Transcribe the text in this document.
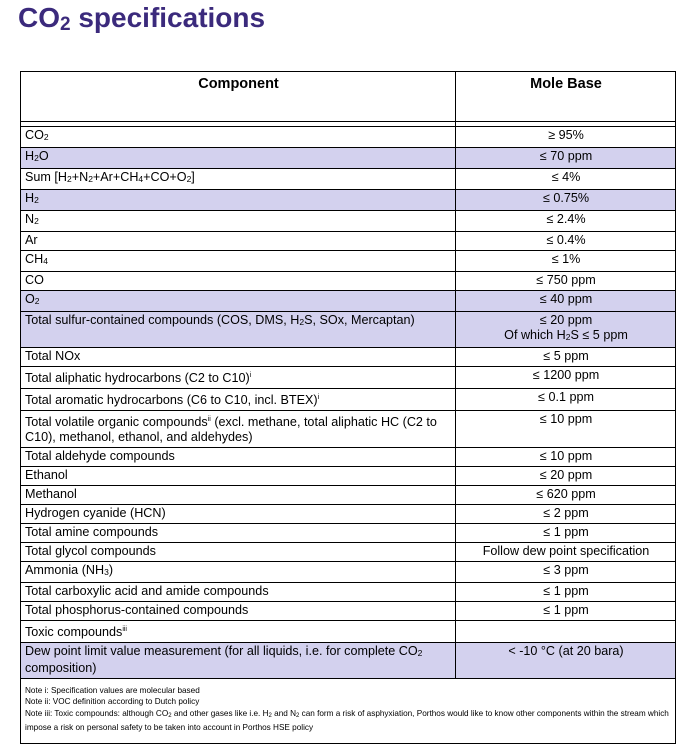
$CO_2$ specifications
Component	Mole Base

$CO_2$	≥ 95%
$H_2O$	≤ 70 ppm
Sum $[H_2+N_2+Ar+CH_4+CO+O_2]$	≤ 4%
$H_2$	≤ 0.75%
$N_2$	≤ 2.4%
Ar	≤ 0.4%
$CH_4$	≤ 1%
CO	≤ 750 ppm
$O_2$	≤ 40 ppm
Total sulfur-contained compounds (COS, DMS, $H_2S$, SOx, Mercaptan)	≤ 20 ppm
Of which $H_2S \le 5$ ppm

Total NOx	≤ 5 ppm
Total aliphatic hydrocarbons (C2 to C10)$^i$	≤ 1200 ppm
Total aromatic hydrocarbons (C6 to C10, incl. BTEX)$^i$	≤ 0.1 ppm
Total volatile organic compounds$^{ii}$ (excl. methane, total aliphatic HC (C2 to C10), methanol, ethanol, and aldehydes)	≤ 10 ppm
Total aldehyde compounds	≤ 10 ppm
Ethanol	≤ 20 ppm
Methanol	≤ 620 ppm
Hydrogen cyanide (HCN)	≤ 2 ppm
Total amine compounds	≤ 1 ppm
Total glycol compounds	Follow dew point specification
Ammonia $(NH_3)$	≤ 3 ppm
Total carboxylic acid and amide compounds	≤ 1 ppm
Total phosphorus-contained compounds	≤ 1 ppm
Toxic compounds$^{iii}$	
Dew point limit value measurement (for all liquids, i.e. for complete $CO_2$ composition)	< -10 °C (at 20 bara)

Note i: Specification values are molecular based
Note ii: VOC definition according to Dutch policy
Note iii: Toxic compounds: although $CO_2$ and other gases like i.e. $H_2$ and $N_2$ can form a risk of asphyxiation, Porthos would like to know other components within the stream which impose a risk on personal safety to be taken into account in Porthos HSE policy	
